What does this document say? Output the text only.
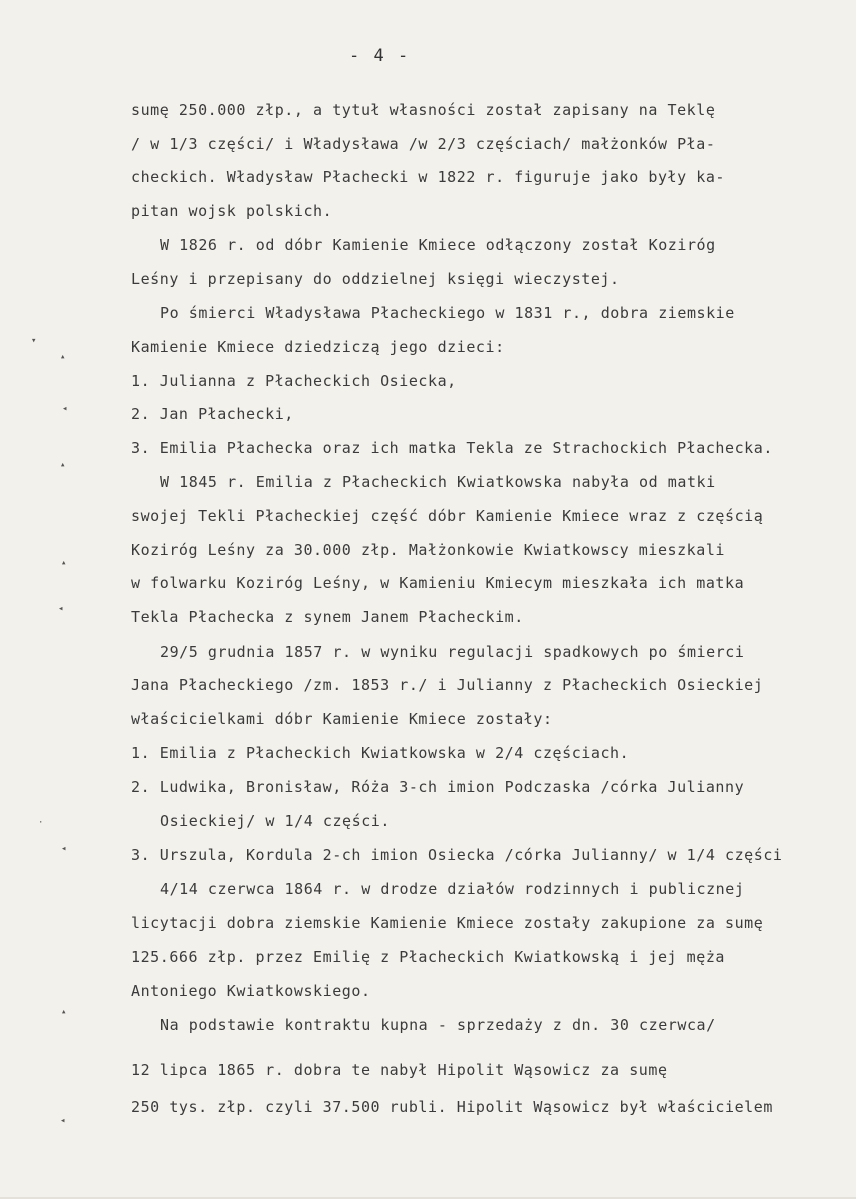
- 4 -
sumę 250.000 złp., a tytuł własności został zapisany na Teklę
/ w 1/3 części/ i Władysława /w 2/3 częściach/ małżonków Pła-
checkich. Władysław Płachecki w 1822 r. figuruje jako były ka-
pitan wojsk polskich.
W 1826 r. od dóbr Kamienie Kmiece odłączony został Koziróg
Leśny i przepisany do oddzielnej księgi wieczystej.
Po śmierci Władysława Płacheckiego w 1831 r., dobra ziemskie
Kamienie Kmiece dziedziczą jego dzieci:
1. Julianna z Płacheckich Osiecka,
2. Jan Płachecki,
3. Emilia Płachecka oraz ich matka Tekla ze Strachockich Płachecka.
W 1845 r. Emilia z Płacheckich Kwiatkowska nabyła od matki
swojej Tekli Płacheckiej część dóbr Kamienie Kmiece wraz z częścią
Koziróg Leśny za 30.000 złp. Małżonkowie Kwiatkowscy mieszkali
w folwarku Koziróg Leśny, w Kamieniu Kmiecym mieszkała ich matka
Tekla Płachecka z synem Janem Płacheckim.
29/5 grudnia 1857 r. w wyniku regulacji spadkowych po śmierci
Jana Płacheckiego /zm. 1853 r./ i Julianny z Płacheckich Osieckiej
właścicielkami dóbr Kamienie Kmiece zostały:
1. Emilia z Płacheckich Kwiatkowska w 2/4 częściach.
2. Ludwika, Bronisław, Róża 3-ch imion Podczaska /córka Julianny
Osieckiej/ w 1/4 części.
3. Urszula, Kordula 2-ch imion Osiecka /córka Julianny/ w 1/4 części
4/14 czerwca 1864 r. w drodze działów rodzinnych i publicznej
licytacji dobra ziemskie Kamienie Kmiece zostały zakupione za sumę
125.666 złp. przez Emilię z Płacheckich Kwiatkowską i jej męża
Antoniego Kwiatkowskiego.
Na podstawie kontraktu kupna - sprzedaży z dn. 30 czerwca/
12 lipca 1865 r. dobra te nabył Hipolit Wąsowicz za sumę
250 tys. złp. czyli 37.500 rubli. Hipolit Wąsowicz był właścicielem
▾
▴
◂
▴
▴
◂
·
◂
▴
◂
